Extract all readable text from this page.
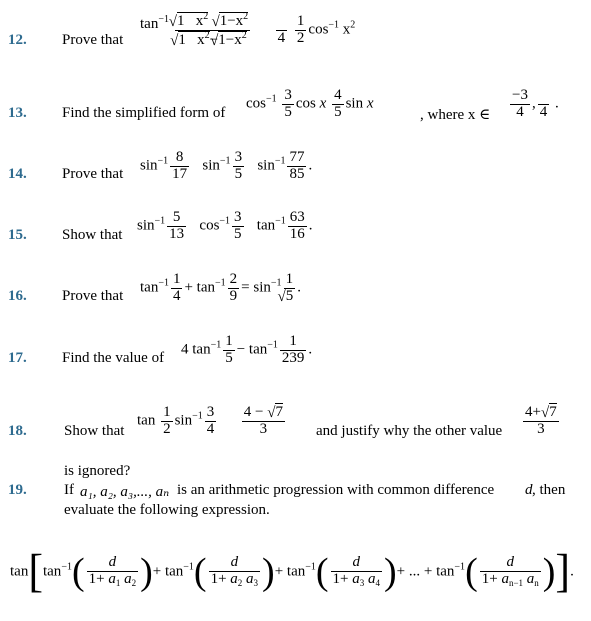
12. Prove that
$\tan^{-1}$ √ 1   $x^2$ √ $1-x^2$
√ 1   $x^2-√$ $1-x^2$

4
$\frac{1}{2} \cos^{-1} x^2$
13. Find the simplified form of
$\cos^{-1} \frac{3}{5}$ cos x $\frac{4}{5}$ sin x
, where x ∈ $\frac{-3}{4}$ ,

4
.
14. Prove that
$\sin^{-1} \frac{8}{17} \sin^{-1} \frac{3}{5} \sin^{-1} \frac{77}{85}$ .
15. Show that
$\sin^{-1} \frac{5}{13} \cos^{-1} \frac{3}{5} \tan^{-1} \frac{63}{16}$ .
16. Prove that
$\tan^{-1} \frac{1}{4} + \tan^{-1} \frac{2}{9} = \sin^{-1} 1$
√ 5 .
17. Find the value of
4 $\tan^{-1} \frac{1}{5} - \tan^{-1} \frac{1}{239}$ .
18. Show that
$\tan \frac{1}{2} \sin^{-1} \frac{3}{4}$
$\frac{4 - √ 7}{3}$ and justify why the other value $\frac{4+ √ 7}{3}$
is ignored?
19. If a₁, a₂, a₃,..., aₙ is an arithmetic progression with common difference d , then
evaluate the following expression.
$\tan[\tan^{-1}( \frac{d}{1+ a_1 a_2}$ )+ $\tan^{-1}( \frac{d}{1+ a_2 a_3}$ )+ $\tan^{-1}( \frac{d}{1+ a_3 a_4}$ )+ ... + $\tan^{-1}( \frac{d}{1+ a_{n-1} a_n}$ )].
